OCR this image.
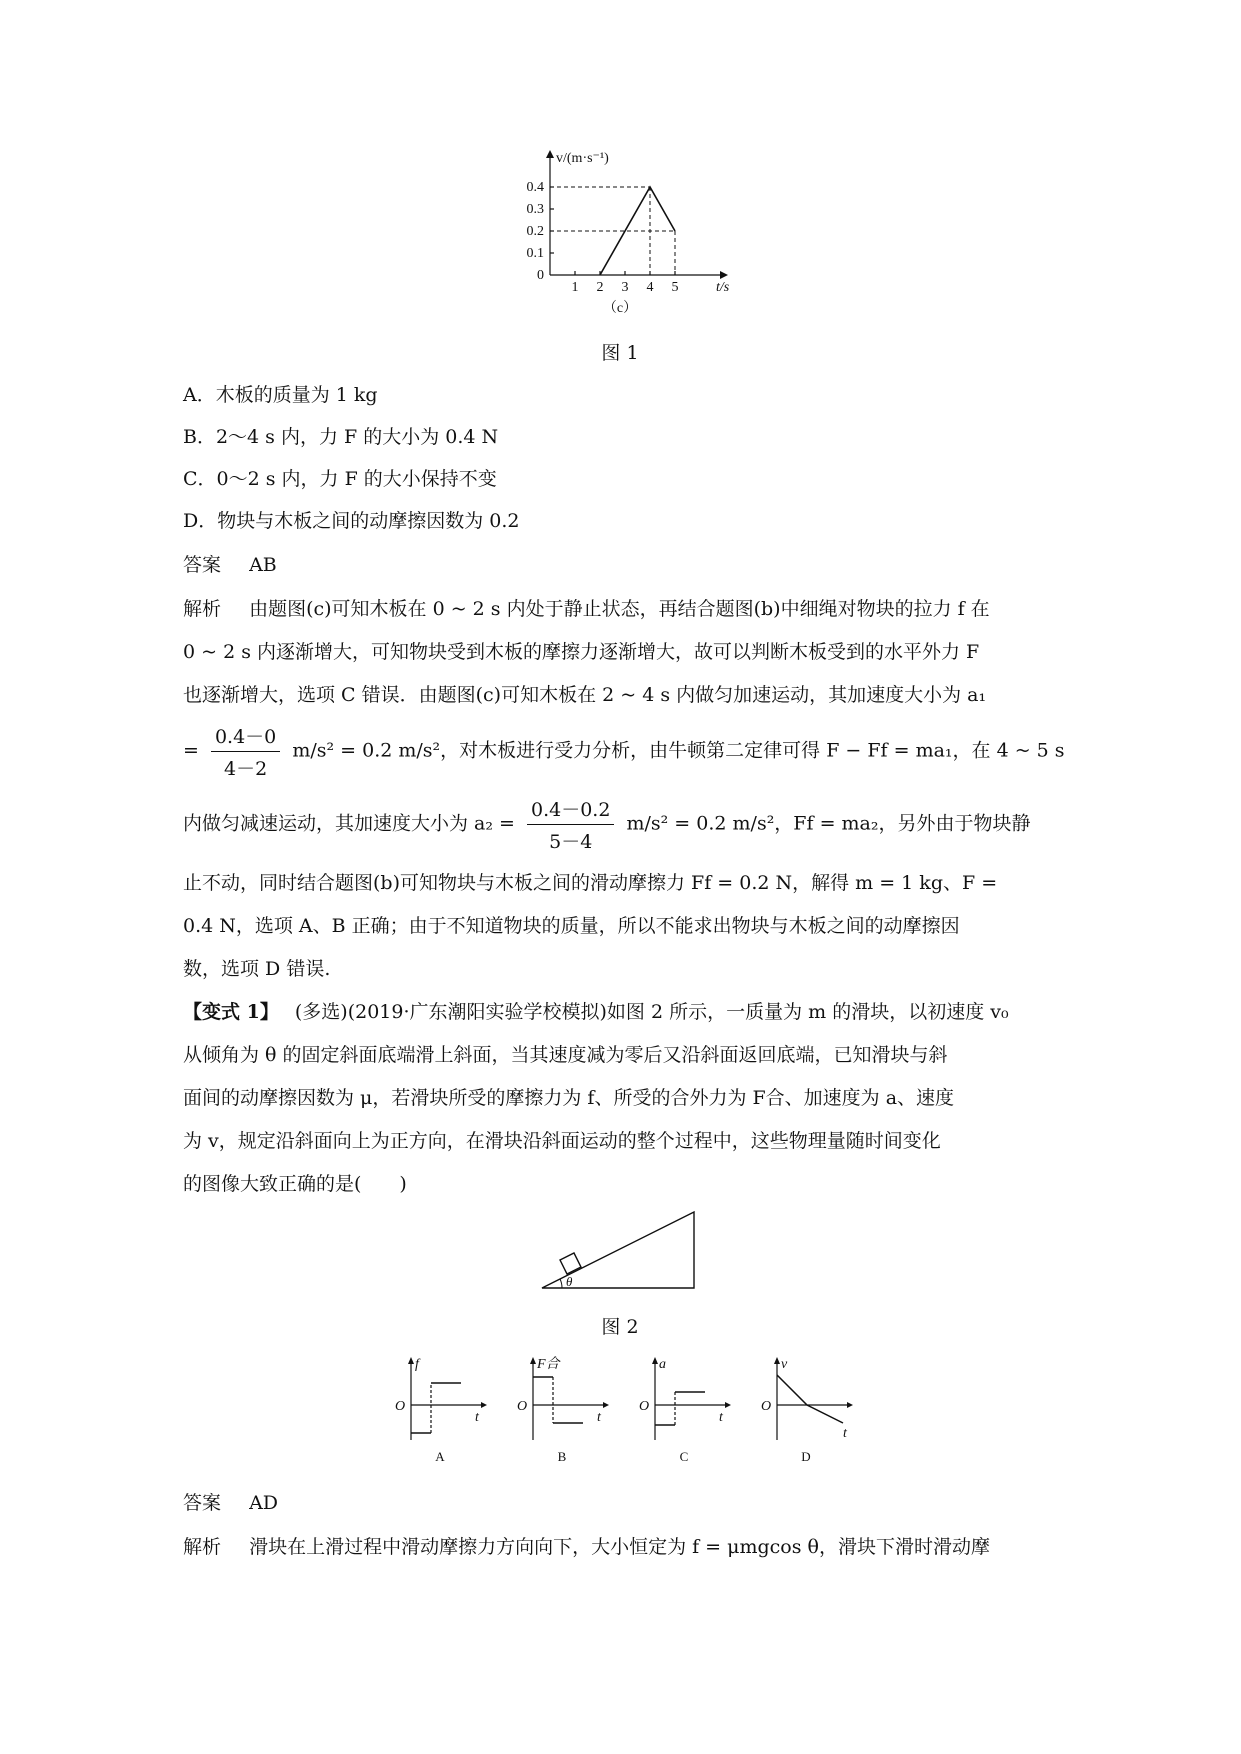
v/(m·s⁻¹)
t/s
0.4
0.3
0.2
0.1
0
1 2 3 4 5
（c）
图 1
A．木板的质量为 1 kg
B．2～4 s 内，力 F 的大小为 0.4 N
C．0～2 s 内，力 F 的大小保持不变
D．物块与木板之间的动摩擦因数为 0.2
答案 AB
解析 由题图(c)可知木板在 0 ~ 2 s 内处于静止状态，再结合题图(b)中细绳对物块的拉力 f 在
0 ~ 2 s 内逐渐增大，可知物块受到木板的摩擦力逐渐增大，故可以判断木板受到的水平外力 F
也逐渐增大，选项 C 错误．由题图(c)可知木板在 2 ~ 4 s 内做匀加速运动，其加速度大小为 a₁
= $\frac{0.4-0}{4-2} m/s^2 = 0.2$ m/s²，对木板进行受力分析，由牛顿第二定律可得 F − Ff = ma₁，在 4 ~ 5 s
内做匀减速运动，其加速度大小为 $a_2 = \frac{0.4-0.2}{5-4} m/s^2 = 0.2$ m/s²，Ff = ma₂，另外由于物块静
止不动，同时结合题图(b)可知物块与木板之间的滑动摩擦力 Ff = 0.2 N，解得 m = 1 kg、F =
0.4 N，选项 A、B 正确；由于不知道物块的质量，所以不能求出物块与木板之间的动摩擦因
数，选项 D 错误.
【变式 1】 (多选)(2019·广东潮阳实验学校模拟)如图 2 所示，一质量为 m 的滑块，以初速度 v₀
从倾角为 θ 的固定斜面底端滑上斜面，当其速度减为零后又沿斜面返回底端，已知滑块与斜
面间的动摩擦因数为 μ，若滑块所受的摩擦力为 f、所受的合外力为 F合、加速度为 a、速度
为 v，规定沿斜面向上为正方向，在滑块沿斜面运动的整个过程中，这些物理量随时间变化
的图像大致正确的是(　　)
θ
图 2
f
O
t
A
F合
O
t
B
a
O
t
C
v
O
t
D
答案 AD
解析 滑块在上滑过程中滑动摩擦力方向向下，大小恒定为 f = μmgcos θ，滑块下滑时滑动摩
